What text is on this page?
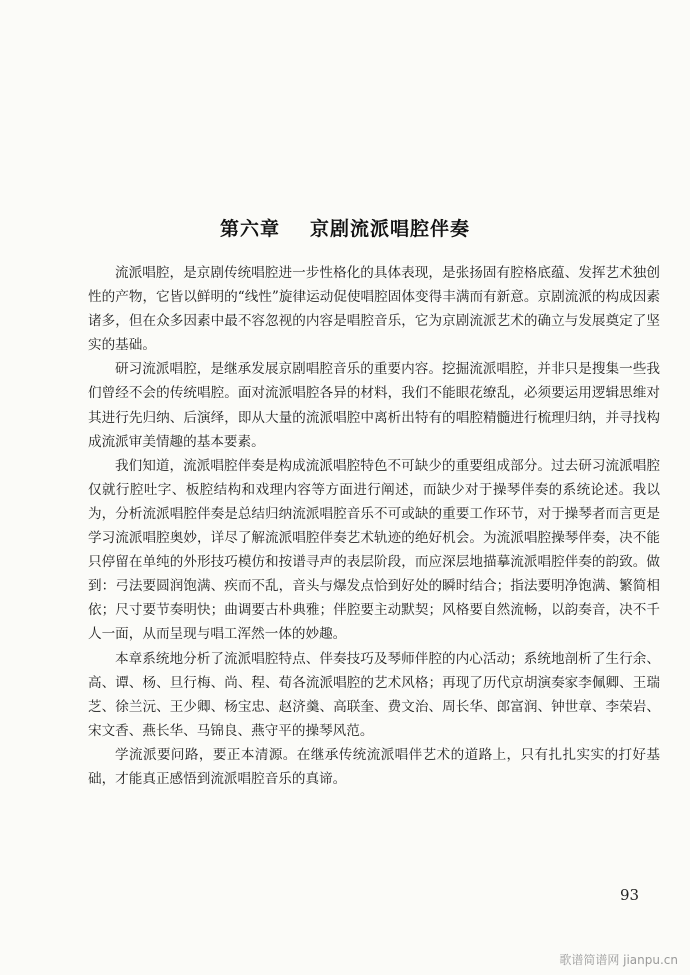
第六章 京剧流派唱腔伴奏

流派唱腔，是京剧传统唱腔进一步性格化的具体表现，是张扬固有腔格底蕴、发挥艺术独创性的产物，它皆以鲜明的“线性”旋律运动促使唱腔固体变得丰满而有新意。京剧流派的构成因素诸多，但在众多因素中最不容忽视的内容是唱腔音乐，它为京剧流派艺术的确立与发展奠定了坚实的基础。

研习流派唱腔，是继承发展京剧唱腔音乐的重要内容。挖掘流派唱腔，并非只是搜集一些我们曾经不会的传统唱腔。面对流派唱腔各异的材料，我们不能眼花缭乱，必须要运用逻辑思维对其进行先归纳、后演绎，即从大量的流派唱腔中离析出特有的唱腔精髓进行梳理归纳，并寻找构成流派审美情趣的基本要素。

我们知道，流派唱腔伴奏是构成流派唱腔特色不可缺少的重要组成部分。过去研习流派唱腔仅就行腔吐字、板腔结构和戏理内容等方面进行阐述，而缺少对于操琴伴奏的系统论述。我以为，分析流派唱腔伴奏是总结归纳流派唱腔音乐不可或缺的重要工作环节，对于操琴者而言更是学习流派唱腔奥妙，详尽了解流派唱腔伴奏艺术轨迹的绝好机会。为流派唱腔操琴伴奏，决不能只停留在单纯的外形技巧模仿和按谱寻声的表层阶段，而应深层地描摹流派唱腔伴奏的韵致。做到：弓法要圆润饱满、疾而不乱，音头与爆发点恰到好处的瞬时结合；指法要明净饱满、繁简相依；尺寸要节奏明快；曲调要古朴典雅；伴腔要主动默契；风格要自然流畅，以韵奏音，决不千人一面，从而呈现与唱工浑然一体的妙趣。

本章系统地分析了流派唱腔特点、伴奏技巧及琴师伴腔的内心活动；系统地剖析了生行余、高、谭、杨、旦行梅、尚、程、荀各流派唱腔的艺术风格；再现了历代京胡演奏家李佩卿、王瑞芝、徐兰沅、王少卿、杨宝忠、赵济羹、高联奎、费文治、周长华、郎富润、钟世章、李荣岩、宋文香、燕长华、马锦良、燕守平的操琴风范。

学流派要问路，要正本清源。在继承传统流派唱伴艺术的道路上，只有扎扎实实的打好基础，才能真正感悟到流派唱腔音乐的真谛。

93
歌谱简谱网 jianpu.cn
